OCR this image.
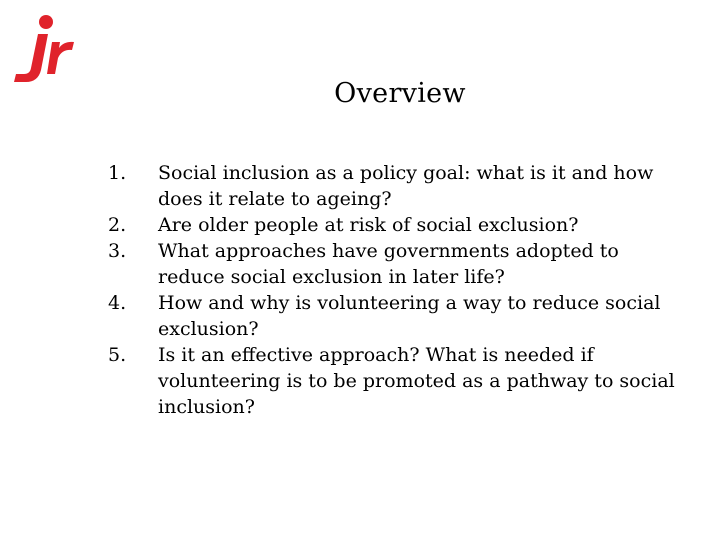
Overview
1.	Social inclusion as a policy goal: what is it and how does it relate to ageing?
2.	Are older people at risk of social exclusion?
3.	What approaches have governments adopted to reduce social exclusion in later life?
4.	How and why is volunteering a way to reduce social exclusion?
5.	Is it an effective approach? What is needed if volunteering is to be promoted as a pathway to social inclusion?
